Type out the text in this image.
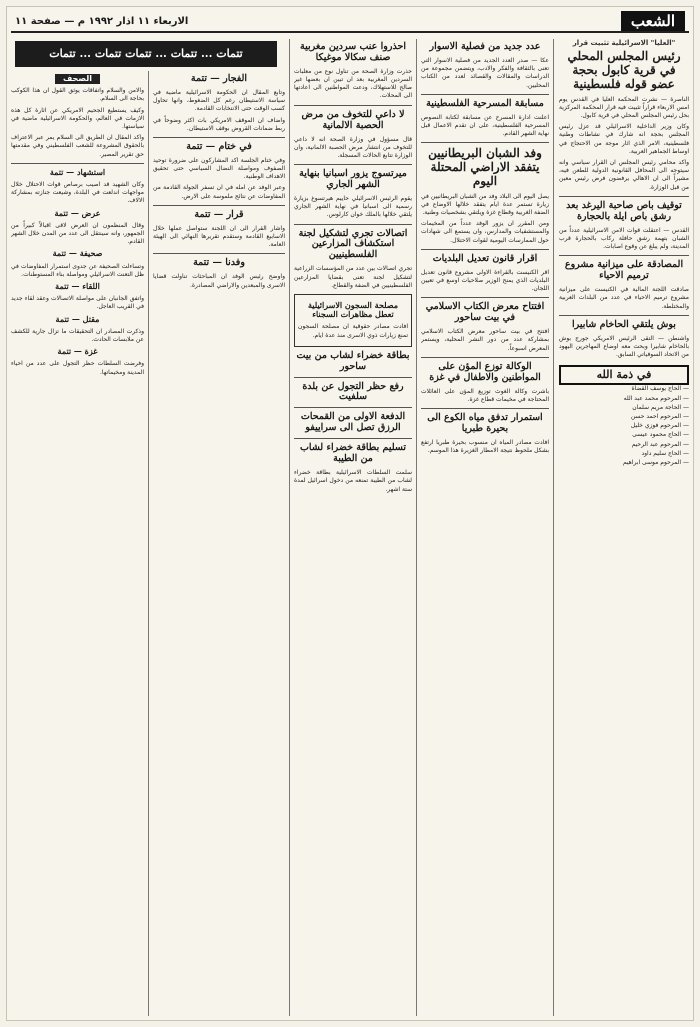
الشعب
الاربعاء ١١ اذار ١٩٩٢ م — صفحة ١١
"العليا" الاسرائيلية تثبيت قرار
رئيس المجلس المحلي في قرية كابول بحجة عضو قوله فلسطينية

الناصرة — نشرت المحكمة العليا في القدس يوم امس الاربعاء قراراً تثبيت فيه قرار المحكمة المركزية بحل رئيس المجلس المحلي في قرية كابول.

وكان وزير الداخلية الاسرائيلي قد عزل رئيس المجلس بحجة انه شارك في نشاطات وطنية فلسطينية، الامر الذي اثار موجة من الاحتجاج في اوساط الجماهير العربية.

واكد محامي رئيس المجلس ان القرار سياسي وانه سيتوجه الى المحافل القانونية الدولية للطعن فيه، مشيراً الى ان الاهالي يرفضون فرض رئيس معين من قبل الوزارة.

توقيف باص صاحبة اليرغد بعد رشق باص ايلة بالحجارة

القدس — اعتقلت قوات الامن الاسرائيلية عدداً من الشبان بتهمة رشق حافلة ركاب بالحجارة قرب المدينة، ولم يبلغ عن وقوع اصابات.

المصادقة على ميزانية مشروع ترميم الاحياء

صادقت اللجنة المالية في الكنيست على ميزانية مشروع ترميم الاحياء في عدد من البلدات العربية والمختلطة.

بوش يلتقي الحاخام شابيرا

واشنطن — التقى الرئيس الامريكي جورج بوش بالحاخام شابيرا وبحث معه اوضاع المهاجرين اليهود من الاتحاد السوفياتي السابق.

في ذمة الله

— الحاج يوسف القضاة

— المرحوم محمد عبد الله

— الحاجة مريم سلمان

— المرحوم احمد حسن

— المرحوم فوزي خليل

— الحاج محمود عيسى

— المرحوم عبد الرحيم

— الحاج سليم داود

— المرحوم موسى ابراهيم

عدد جديد من فصلية الاسوار

عكا — صدر العدد الجديد من فصلية الاسوار التي تعنى بالثقافة والفكر والادب، ويتضمن مجموعة من الدراسات والمقالات والقصائد لعدد من الكتاب المحليين.

مسابقة المسرحية الفلسطينية

اعلنت ادارة المسرح عن مسابقة لكتابة النصوص المسرحية الفلسطينية، على ان تقدم الاعمال قبل نهاية الشهر القادم.

وفد الشبان البريطانيين يتفقد الاراضي المحتلة اليوم

يصل اليوم الى البلاد وفد من الشبان البريطانيين في زيارة تستمر عدة ايام يتفقد خلالها الاوضاع في الضفة الغربية وقطاع غزة ويلتقي بشخصيات وطنية.

ومن المقرر ان يزور الوفد عدداً من المخيمات والمستشفيات والمدارس، وان يستمع الى شهادات حول الممارسات اليومية لقوات الاحتلال.

اقرار قانون تعديل البلديات

اقر الكنيست بالقراءة الاولى مشروع قانون تعديل البلديات الذي يمنح الوزير صلاحيات اوسع في تعيين اللجان.

افتتاح معرض الكتاب الاسلامي في بيت ساحور

افتتح في بيت ساحور معرض الكتاب الاسلامي بمشاركة عدد من دور النشر المحلية، ويستمر المعرض اسبوعاً.

الوكالة توزع المؤن على المواطنين والاطفال في غزة

باشرت وكالة الغوث توزيع المؤن على العائلات المحتاجة في مخيمات قطاع غزة.

استمرار تدفق مياه الكوع الى بحيرة طبريا

افادت مصادر المياه ان منسوب بحيرة طبريا ارتفع بشكل ملحوظ نتيجة الامطار الغزيرة هذا الموسم.

احذروا عنب سردين مغربية صنف سكالا موغيكا

حذرت وزارة الصحة من تناول نوع من معلبات السردين المغربية بعد ان تبين ان بعضها غير صالح للاستهلاك، ودعت المواطنين الى اعادتها الى المحلات.

لا داعي للتخوف من مرض الحصبة الالمانية

قال مسؤول في وزارة الصحة انه لا داعي للتخوف من انتشار مرض الحصبة الالمانية، وان الوزارة تتابع الحالات المسجلة.

ميرتسوج يزور اسبانيا بنهاية الشهر الجاري

يقوم الرئيس الاسرائيلي حاييم هيرتسوغ بزيارة رسمية الى اسبانيا في نهاية الشهر الجاري يلتقي خلالها بالملك خوان كارلوس.

اتصالات تجري لتشكيل لجنة استكشاف المزارعين الفلسطينيين

تجري اتصالات بين عدد من المؤسسات الزراعية لتشكيل لجنة تعنى بقضايا المزارعين الفلسطينيين في الضفة والقطاع.

مصلحة السجون الاسرائيلية تعطل مظاهرات السجناء

افادت مصادر حقوقية ان مصلحة السجون تمنع زيارات ذوي الاسرى منذ عدة ايام.

بطاقة خضراء لشاب من بيت ساحور
رفع حظر التجول عن بلدة سلفيت
الدفعة الاولى من القمحات الرزق تصل الى سراييفو
تسليم بطاقة خضراء لشاب من الطيبة

سلمت السلطات الاسرائيلية بطاقة خضراء لشاب من الطيبة تمنعه من دخول اسرائيل لمدة ستة اشهر.

الفجار — تتمة

وتابع المقال ان الحكومة الاسرائيلية ماضية في سياسة الاستيطان رغم كل الضغوط، وانها تحاول كسب الوقت حتى الانتخابات القادمة.

واضاف ان الموقف الامريكي بات اكثر وضوحاً في ربط ضمانات القروض بوقف الاستيطان.

في ختام — تتمة

وفي ختام الجلسة اكد المشاركون على ضرورة توحيد الصفوف ومواصلة النضال السياسي حتى تحقيق الاهداف الوطنية.

وعبر الوفد عن امله في ان تسفر الجولة القادمة من المفاوضات عن نتائج ملموسة على الارض.

قرار — تتمة

واشار القرار الى ان اللجنة ستواصل عملها خلال الاسابيع القادمة وستقدم تقريرها النهائي الى الهيئة العامة.

وفدنا — تتمة

واوضح رئيس الوفد ان المباحثات تناولت قضايا الاسرى والمبعدين والاراضي المصادرة.

تتمات ... تتمات ... تتمات تتمات ... تتمات
الصحف

والامن والسلام واتفاقات يوثق القول ان هذا الكوكب بحاجة الى السلام.

وكيف يستطيع الجحيم الامريكي عن اثارة كل هذه الازمات في العالم، والحكومة الاسرائيلية ماضية في سياستها.

واكد المقال ان الطريق الى السلام يمر عبر الاعتراف بالحقوق المشروعة للشعب الفلسطيني وفي مقدمتها حق تقرير المصير.

استشهاد — تتمة

وكان الشهيد قد اصيب برصاص قوات الاحتلال خلال مواجهات اندلعت في البلدة، وشيعت جنازته بمشاركة الالاف.

عرض — تتمة

وقال المنظمون ان العرض لاقى اقبالاً كبيراً من الجمهور، وانه سينتقل الى عدد من المدن خلال الشهر القادم.

صحيفة — تتمة

وتساءلت الصحيفة عن جدوى استمرار المفاوضات في ظل التعنت الاسرائيلي ومواصلة بناء المستوطنات.

اللقاء — تتمة

واتفق الجانبان على مواصلة الاتصالات وعقد لقاء جديد في القريب العاجل.

مقتل — تتمة

وذكرت المصادر ان التحقيقات ما تزال جارية للكشف عن ملابسات الحادث.

غزة — تتمة

وفرضت السلطات حظر التجول على عدد من احياء المدينة ومخيماتها.
